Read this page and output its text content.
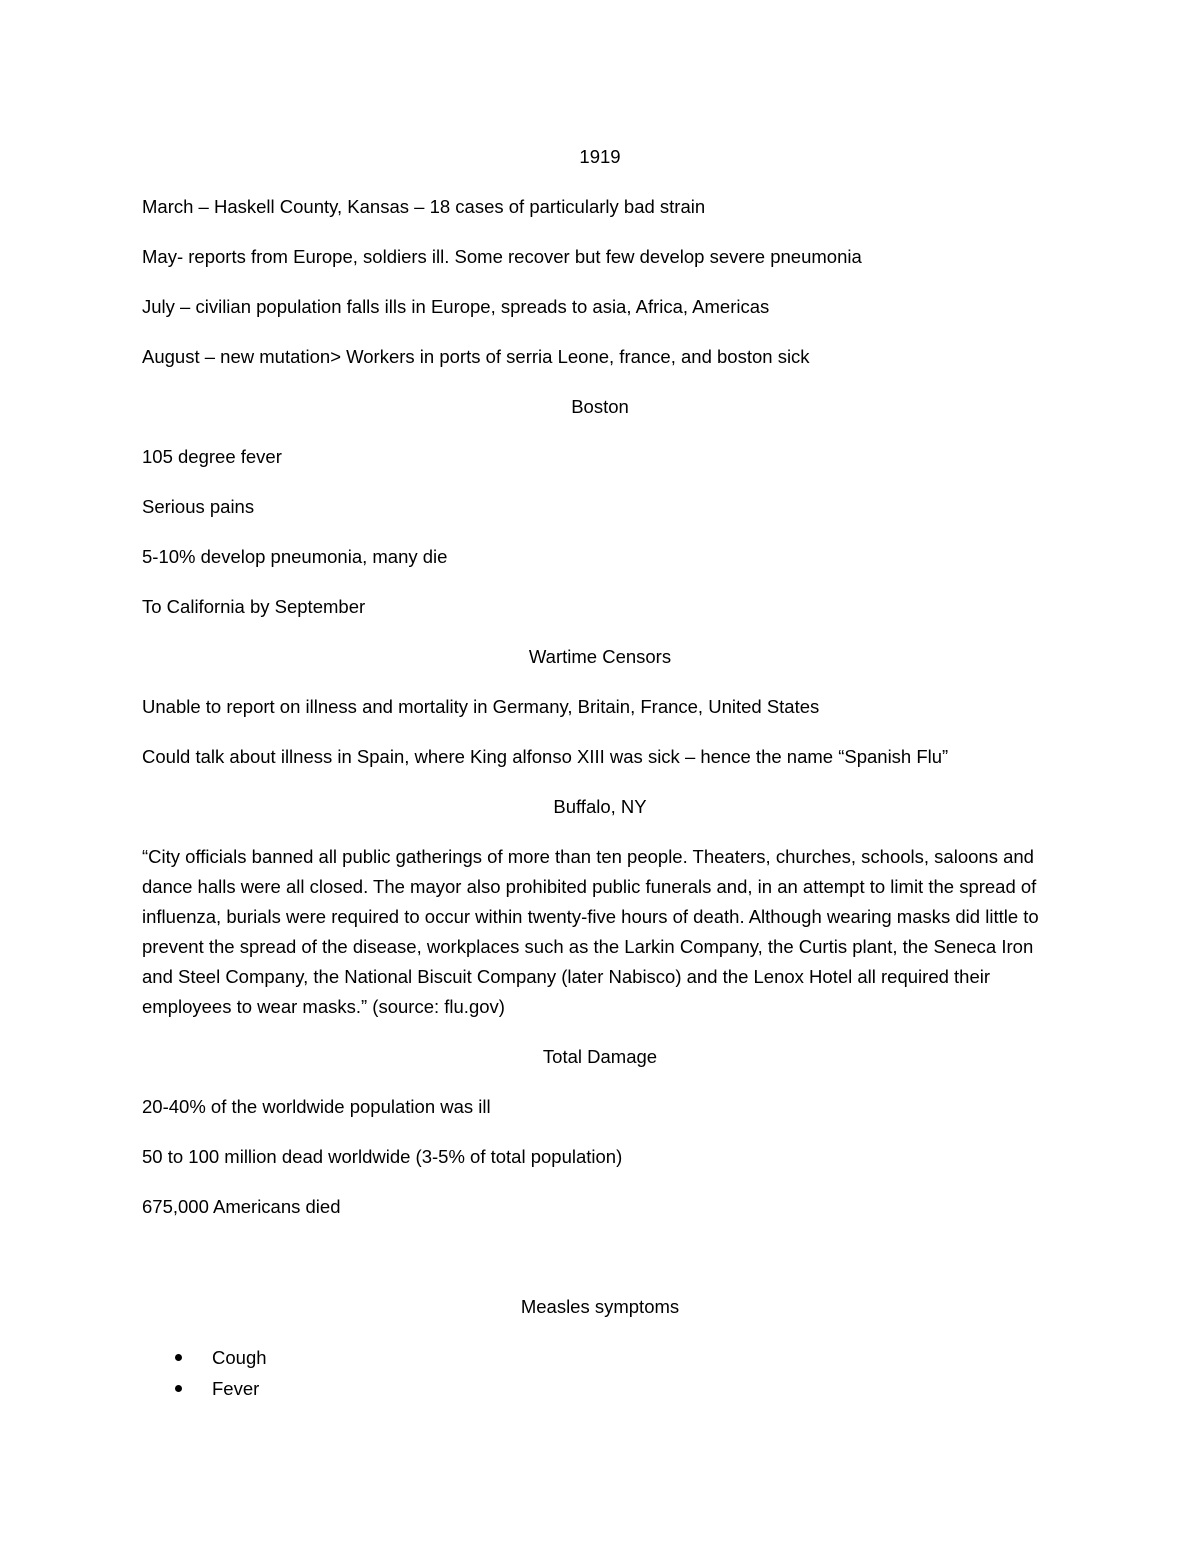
1919
March – Haskell County, Kansas – 18 cases of particularly bad strain
May- reports from Europe, soldiers ill. Some recover but few develop severe pneumonia
July – civilian population falls ills in Europe, spreads to asia, Africa, Americas
August – new mutation> Workers in ports of serria Leone, france, and boston sick
Boston
105 degree fever
Serious pains
5-10% develop pneumonia, many die
To California by September
Wartime Censors
Unable to report on illness and mortality in Germany, Britain, France, United States
Could talk about illness in Spain, where King alfonso XIII was sick – hence the name “Spanish Flu”
Buffalo, NY
“City officials banned all public gatherings of more than ten people. Theaters, churches, schools, saloons and dance halls were all closed. The mayor also prohibited public funerals and, in an attempt to limit the spread of influenza, burials were required to occur within twenty-five hours of death. Although wearing masks did little to prevent the spread of the disease, workplaces such as the Larkin Company, the Curtis plant, the Seneca Iron and Steel Company, the National Biscuit Company (later Nabisco) and the Lenox Hotel all required their employees to wear masks.” (source: flu.gov)
Total Damage
20-40% of the worldwide population was ill
50 to 100 million dead worldwide (3-5% of total population)
675,000 Americans died
Measles symptoms
Cough
Fever
